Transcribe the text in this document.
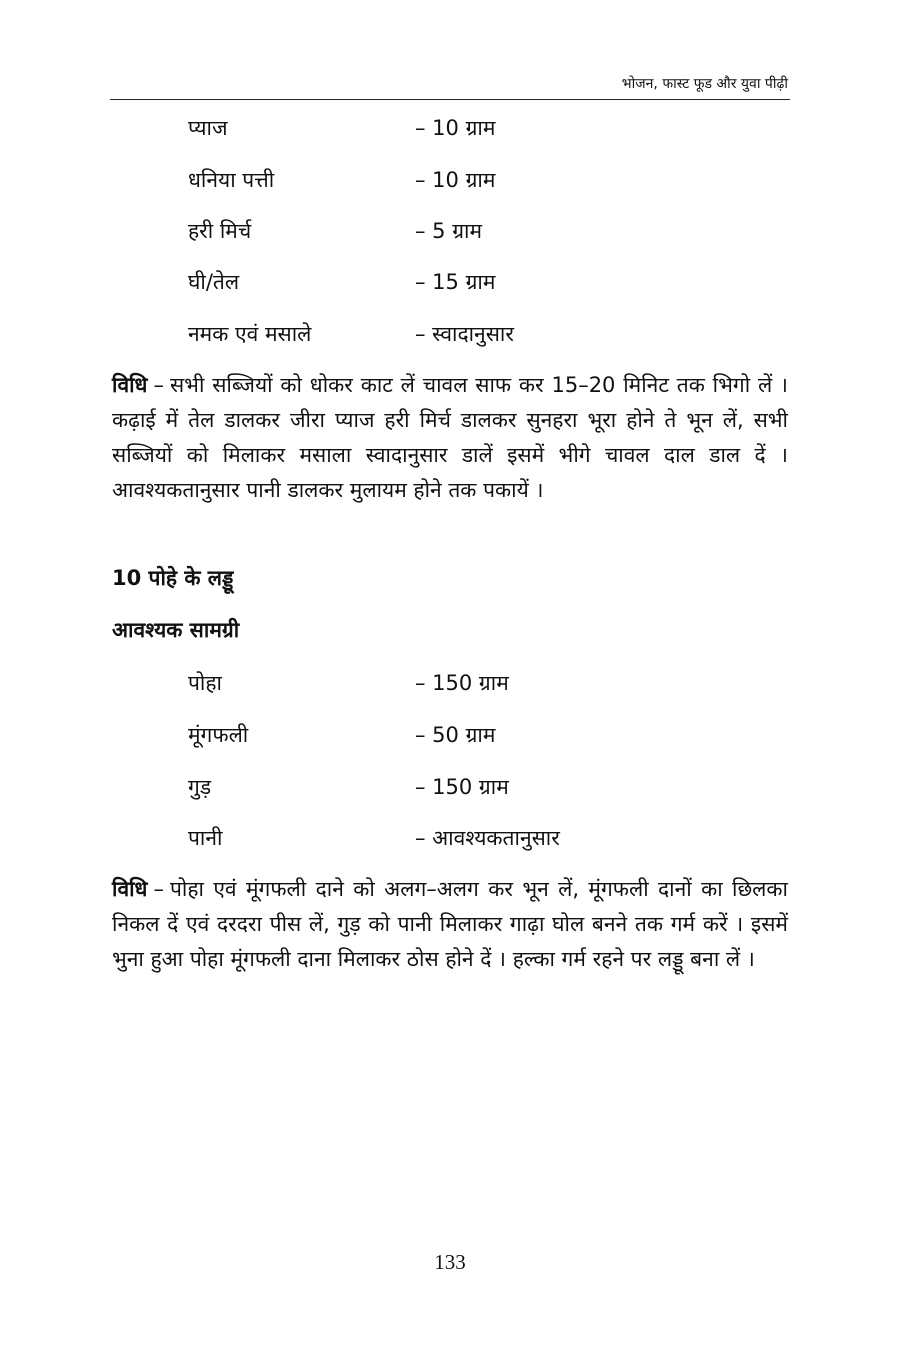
भोजन, फास्ट फूड और युवा पीढ़ी
प्याज	– 10 ग्राम
धनिया पत्ती	– 10 ग्राम
हरी मिर्च	– 5 ग्राम
घी/तेल	– 15 ग्राम
नमक एवं मसाले	– स्वादानुसार
विधि – सभी सब्जियों को धोकर काट लें चावल साफ कर 15–20 मिनिट तक भिगो लें । कढ़ाई में तेल डालकर जीरा प्याज हरी मिर्च डालकर सुनहरा भूरा होने ते भून लें, सभी सब्जियों को मिलाकर मसाला स्वादानुसार डालें इसमें भीगे चावल दाल डाल दें । आवश्यकतानुसार पानी डालकर मुलायम होने तक पकायें ।
10 पोहे के लड्डू
आवश्यक सामग्री
पोहा	– 150 ग्राम
मूंगफली	– 50 ग्राम
गुड़	– 150 ग्राम
पानी	– आवश्यकतानुसार
विधि – पोहा एवं मूंगफली दाने को अलग–अलग कर भून लें, मूंगफली दानों का छिलका निकल दें एवं दरदरा पीस लें, गुड़ को पानी मिलाकर गाढ़ा घोल बनने तक गर्म करें । इसमें भुना हुआ पोहा मूंगफली दाना मिलाकर ठोस होने दें । हल्का गर्म रहने पर लड्डू बना लें ।
133
